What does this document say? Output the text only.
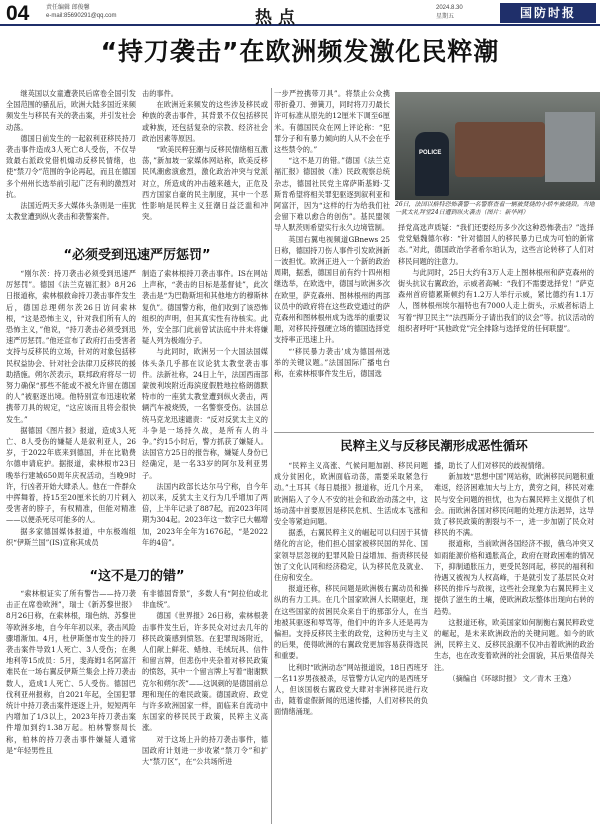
04	责任编辑 郎俊馨
e-mail:85690291@qq.com	热点	2024.8.30
星期五	国防时报
“持刀袭击”在欧洲频发激化民粹潮

继英国以女童遭袭民后席卷全国引发全国范围的骚乱后，欧洲大陆多国近来频频发生与移民有关的袭击案，并引发社会动荡。

德国日前发生的一起叙利亚移民持刀袭击事件造成3人死亡8人受伤，不仅导致最右派政党借机煽动反移民情绪，也使“禁刀令”范围的争论再起，而且在德国多个州州长选举前引起广泛有利的激烈对抗。

法国近两天多大媒体头条则是一座犹太教堂遭到纵火袭击和袭警案件。

击的事件。

在欧洲近来频发的这些涉及移民或种族的袭击事件，其背景不仅包括移民或种族，还包括复杂的宗教、经济社会政治因素等原因。

“欧美民粹狂潮与反移民情绪相互激荡，”新加坡一家媒体网站称，欧美反移民风潮愈演愈烈，激化政治冲突与党派对立，所造成的冲击越来越大，正危及西方国家自豪的民主制度，其中一个恶性影响是民粹主义狂潮日益泛滥和冲突。

一步严控携带刀具”。将禁止公众携带折叠刀、弹簧刀，同时将刀刃最长许可标准从原先的12厘米下调至6厘米。有德国民众在网上评论称：“犯罪分子和有暴力倾向的人从不会在乎这些禁令的。”

“这不是刀的错。”德国《法兰克福汇报》德国彼（准）民政观察总统杂志，德国社民党主席萨斯基姆·艾斯肯希望将相关罪犯驱逐到叙利亚和阿富汗，因为“这样的行为给我们社会留下难以愈合的创伤”。基民盟领导人默茨则希望实行永久边境管制。

英国右翼电视频道GBnews 25日称，德国持刀伤人事件引发欧洲新一波担忧。欧洲正进入一个新的政治周期，据悉，德国目前有约十四州相继选举，在欧选中，德国与欧洲多次在欧里，萨克森州、图林根州的两部议员中的政府将在这些政党通过的萨克森州和图林根州成为选举的重要议题，对移民持强硬立场的德国选择党支持率正迅速上升。

“‘移民暴力袭击’成为德国州选举的关键议题。”法国国际广播电台称，在索林根事件发生后，德国选

POLICE
26日，法国以格特恐怖袭警一名警察查看一辆被焚烧的小轿车被烧毁。当地一犹太礼拜堂24日遭到纵火袭击（图片：新华网）

择党高选声质疑：“我们还要经历多少次这种恐怖袭击？”选择党党魁魏德尔称：“针对德国人的移民暴力已成为可怕的新常态。”对此，德国政治学者希尔珀认为，这些言论转移了人们对移民问题的注意力。

与此同时，25日大约有3万人走上图林根州和萨克森州的街头抗议右翼政治，示威者高喊：“我们不需要选择党！”萨克森州首府德累斯顿约有1.2万人举行示威，紧比德约有1.1万人，图林根州埃尔福特也有7000人走上街头，示威者标语上写着“捍卫民主”“法西斯分子请出我们的议会”等。抗议活动的组织者呼吁“其他政党”完全排除与选择党的任何联盟”。

“必须受到迅速严厉惩罚”

“刚尔茨：持刀袭击必须受到迅速严厉惩罚”。德国《法兰克福汇报》8月26日报道称，索林根救命持刀袭击事件发生后，德国总理朔尔茨26日访问索林根，“这是恐怖主义，针对我们所有人的恐怖主义，”他说，“持刀袭击必须受到迅速严厉惩罚。”他还宣布了政府打击受害者支持与反移民的立场，针对的对象包括移民权益协会、针对社会法律刀反移民的援助措施。朔尔茨表示，联邦政府将尽一切努力确保“那些不能或不被允许留在德国的人”被驱逐出境。他特别宣布迅速收紧携带刀具的规定，“这应该而且将会很快发生。”

据德国《图片报》报道，造成3人死亡、8人受伤的嫌疑人是叙利亚人，26岁，于2022年底来到德国，并在比勒费尔德申请庇护。据报道，索林根市23日晚举行建城650周年庆祝活动，当晚9时许，行凶者开始大肆杀人。他在一件群众中挥舞着，持15至20厘米长的刀片刺入受害者的脖子，有权精准，但能对精准——以便杀死尽可能多的人。

据多家德国媒体报道，中东极端组织“伊斯兰国”(IS)宣称其成员

制造了索林根持刀袭击事件。IS在网站上声称，“袭击的目标是基督徒”，此次袭击是“为巴勒斯坦和其他地方的穆斯林复仇”。德国警方称，他们收到了该恐怖组织的声明，但其真实性有待核实。此外，安全部门此前曾试法庭中井未将嫌疑人列为极端分子。

与此同时，欧洲另一个大国法国媒体头条几乎都在议论犹太教堂袭击事件。法新社称，24日上午，法国西南部蒙彼利埃附近海滨度假胜地拉格朗德默特市的一座犹太教堂遭到纵火袭击，两辆汽车被烧毁，一名警察受伤。法国总统马克龙迅速谴责：“反对反犹太主义的斗争是一场持久战，是所有人的斗争。”约15小时后，警方抓获了嫌疑人。法国官方25日的报告称，嫌疑人身份已经确定，是一名33岁的阿尔及利亚男子。

法国内政部长达尔马宁称，自今年初以来，反犹太主义行为几乎增加了两倍，上半年记录了887起，而2023年同期为304起。2023年这一数字已大幅增加，2023年全年为1676起，“是2022年的4倍”。

“这不是刀的错”

“索林根证实了所有警告——持刀袭击正在席卷欧洲”，瑞士《新苏黎世报》8月26日称，在索林根，瑞色纳、苏黎世等欧洲多地，自今年年初以来，袭击风险骤增渐加。4月，杜伊斯堡市发生的持刀袭击案件导致1人死亡、3人受伤；在奥地利等15成员：5月，斐海姆1名阿富汗难民在一场右翼反伊斯兰集会上持刀袭击数人，造成1人死亡、5人受伤。德国巴伐利亚州报称，自2021年起，全国犯罪统计中持刀袭击案件逐逐上升，短短两年内增加了1/3以上，2023年持刀袭击案件增加到约1.38万起。柏林警察局长称，柏林的持刀袭击事件嫌疑人通常是“年轻男性且

有非德国背景”，多数人有“阿拉伯或北非血统”。

德国《世界报》26日称，索林根袭击事件发生后，许多民众对过去几年的移民政策感到愤怒。在犯罪现场附近，人们献上鲜花、蜡烛、毛绒玩具、信件和留言牌，但悲伤中夹杂着对移民政策的愤怒，其中一个留言牌上写着“谢谢默克尔和朔尔茨”——这讽刺的是德国前总理和现任的难民政策。德国政府、政党与许多欧洲国家一样，面临来自流动中东国家的移民民于政策，民粹主义高涨。

对于这场上升的持刀袭击事件，德国政府计划进一步收紧“禁刀令”和扩大“禁刀区”，在“公共场所进

民粹主义与反移民潮形成恶性循环

“民粹主义高涨、气候问题加剧、移民问题成分贫困化，欧洲面临动荡，需要采取紧急行动。”土耳其《每日晨报》报道称，近几个月来，欧洲陷入了令人不安的社会和政治动荡之中，这场动荡中首要原因是移民危机、生活成本飞涨和安全等紧迫问题。

据悉，右翼民粹主义的崛起可以归因于其情绪化的言论，他们担心国家被移民国的异化、国家领导层忽视的犯罪风险日益增加、指责移民侵蚀了文化认同和经济稳定，认为移民危及就业、住房和安全。

报道还称，移民问题是欧洲极右翼动员和操纵的有力工具。在几个国家欧洲人长期驱赶，现在这些国家的贫困民众来自于的那部分人，在当地被其驱逐和辱骂等，他们中的许多人还是再为偏袒。支持反移民主张的政党，这种历史与主义的后果，使得欧洲的右翼政党更加容易获得选民和重要。

比利时“欧洲动态”网站报道说，18日西班牙一名11岁男孩被杀，尽管警方认定内的是西班牙人，但该国极右翼政党大肆对非洲移民进行攻击，随着虚假新闻的迅速传播，人们对移民的负面情绪涌现。

播，助长了人们对移民的歧视情绪。

新加坡“思想中国”网站称，欧洲移民问题积重难返，经济困难加大与上方，黄穷之间，移民对难民与安全问题的担忧，也为右翼民粹主义提供了机会。而欧洲各国对移民问题的处理方法迥异，这导致了移民政策的割裂与不一，进一步加剧了民众对移民的不满。

报道称，当前欧洲各国经济不振，俄乌冲突又如雨能源价格和通胀高企，政府在财政困难的情况下，抑制通胀压力，更受民怒同起，移民的福利和待遇又被视为人权高峰，于是就引发了基层民众对移民的排斥与敌视，这些社会现象为右翼民粹主义提供了滋生的土壤，使欧洲政坛整体出现向右转的趋势。

这报道还称，欧美国家如何制衡右翼民粹政党的崛起，是未来欧洲政治的关键问题。如今的欧洲，民粹主义、反移民浪潮不仅冲击着欧洲的政治生态，也在改变着欧洲的社会面貌，其后果值得关注。

（摘编自《环球时报》 文／青木 王逸）
